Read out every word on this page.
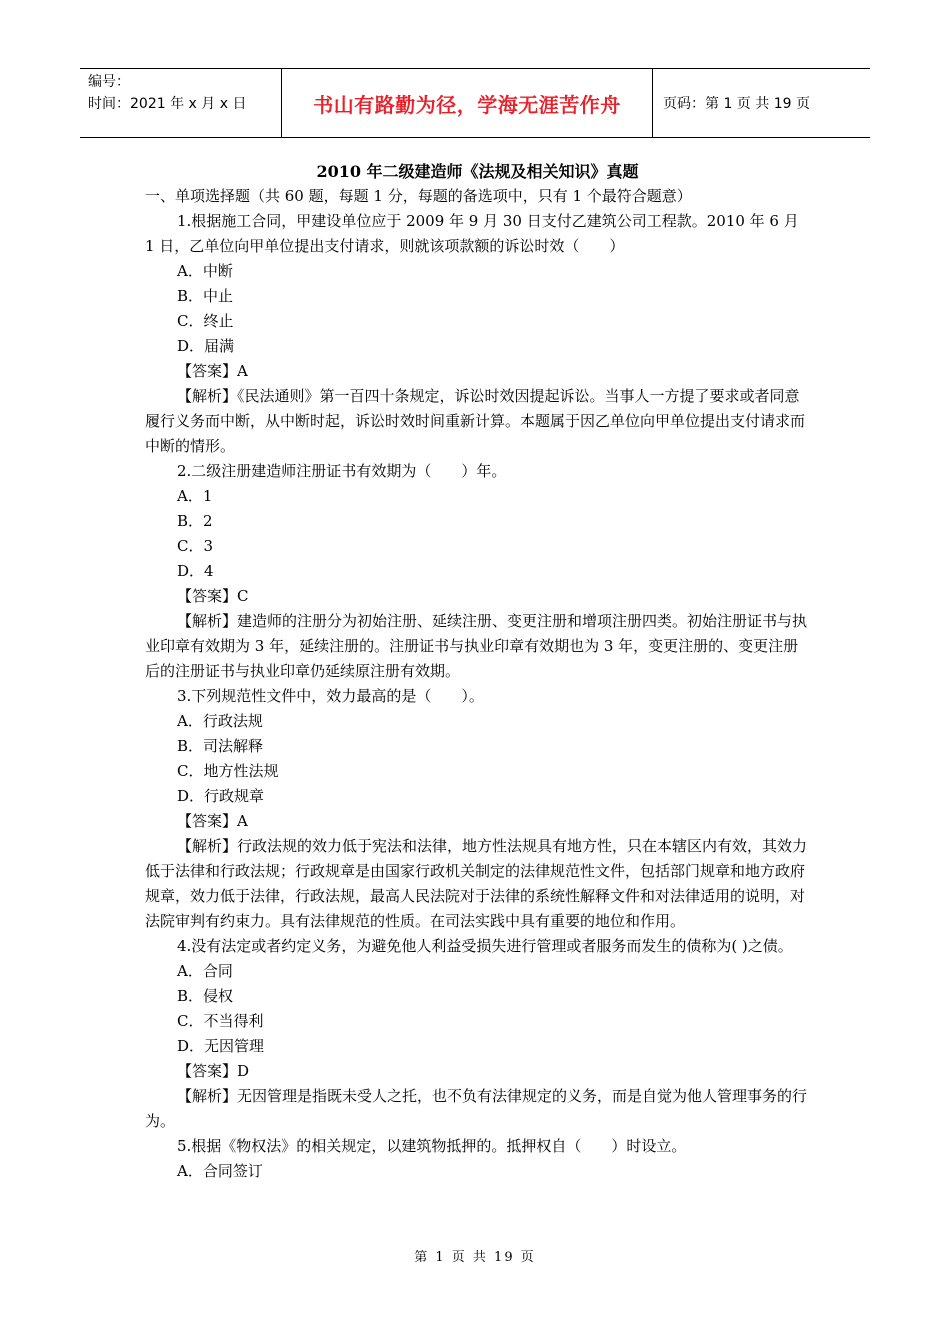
编号：
时间：2021 年 x 月 x 日	书山有路勤为径，学海无涯苦作舟	页码：第 1 页 共 19 页
2010 年二级建造师《法规及相关知识》真题

一、单项选择题（共 60 题，每题 1 分，每题的备选项中，只有 1 个最符合题意）

1.根据施工合同，甲建设单位应于 2009 年 9 月 30 日支付乙建筑公司工程款。2010 年 6 月 1 日，乙单位向甲单位提出支付请求，则就该项款额的诉讼时效（　　）

A．中断

B．中止

C．终止

D．届满

【答案】A

【解析】《民法通则》第一百四十条规定，诉讼时效因提起诉讼。当事人一方提了要求或者同意履行义务而中断，从中断时起，诉讼时效时间重新计算。本题属于因乙单位向甲单位提出支付请求而中断的情形。

2.二级注册建造师注册证书有效期为（　　）年。

A．1

B．2

C．3

D．4

【答案】C

【解析】建造师的注册分为初始注册、延续注册、变更注册和增项注册四类。初始注册证书与执业印章有效期为 3 年，延续注册的。注册证书与执业印章有效期也为 3 年，变更注册的、变更注册后的注册证书与执业印章仍延续原注册有效期。

3.下列规范性文件中，效力最高的是（　　）。

A．行政法规

B．司法解释

C．地方性法规

D．行政规章

【答案】A

【解析】行政法规的效力低于宪法和法律，地方性法规具有地方性，只在本辖区内有效，其效力低于法律和行政法规；行政规章是由国家行政机关制定的法律规范性文件，包括部门规章和地方政府规章，效力低于法律，行政法规，最高人民法院对于法律的系统性解释文件和对法律适用的说明，对法院审判有约束力。具有法律规范的性质。在司法实践中具有重要的地位和作用。

4.没有法定或者约定义务，为避免他人利益受损失进行管理或者服务而发生的债称为( )之债。

A．合同

B．侵权

C．不当得利

D．无因管理

【答案】D

【解析】无因管理是指既未受人之托，也不负有法律规定的义务，而是自觉为他人管理事务的行为。

5.根据《物权法》的相关规定，以建筑物抵押的。抵押权自（　　）时设立。

A．合同签订

第 1 页 共 19 页
